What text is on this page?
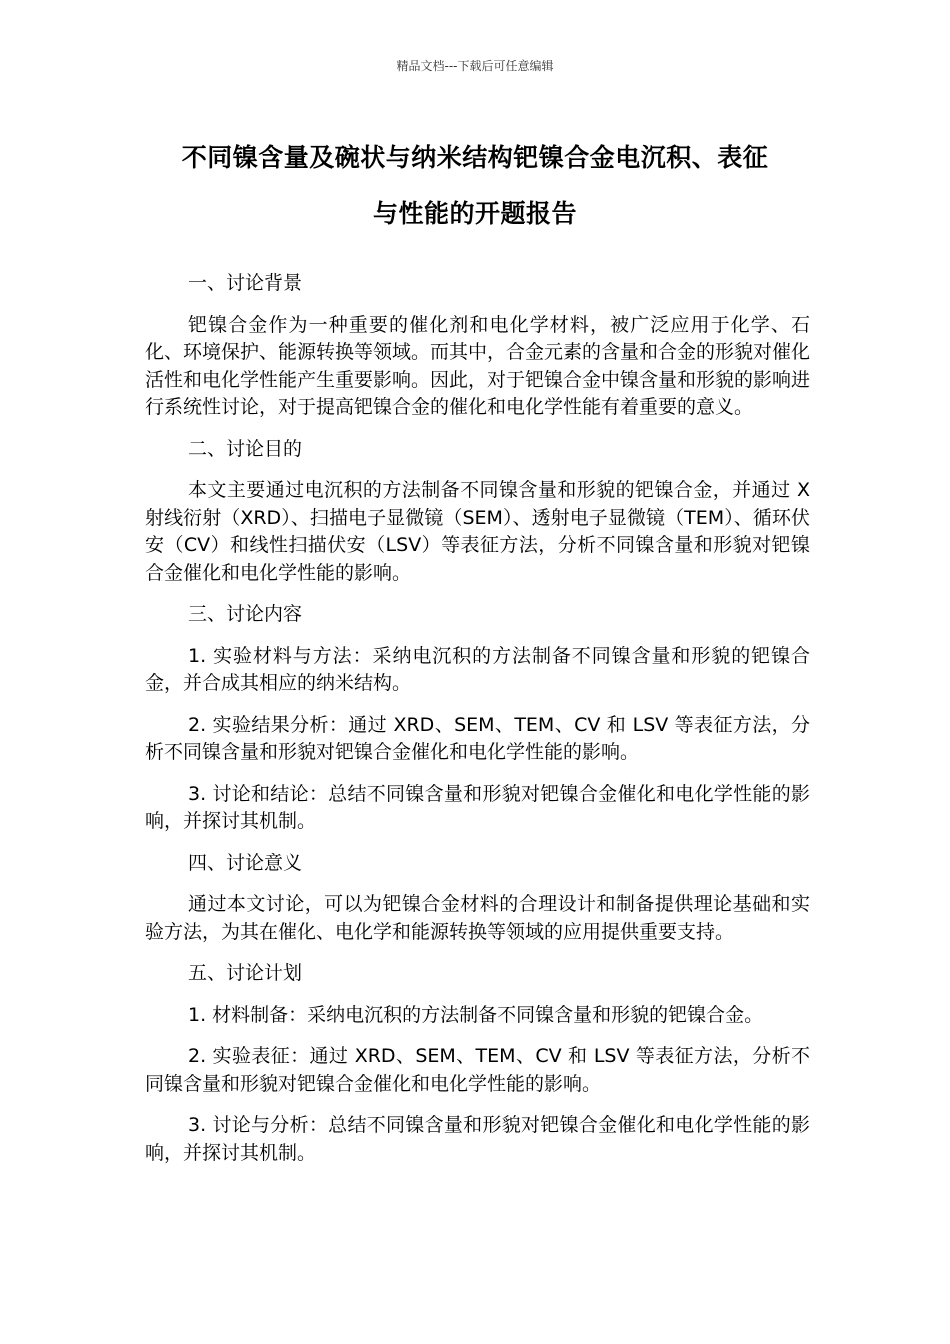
精品文档---下载后可任意编辑
不同镍含量及碗状与纳米结构钯镍合金电沉积、表征
与性能的开题报告

一、讨论背景

钯镍合金作为一种重要的催化剂和电化学材料，被广泛应用于化学、石化、环境保护、能源转换等领域。而其中，合金元素的含量和合金的形貌对催化活性和电化学性能产生重要影响。因此，对于钯镍合金中镍含量和形貌的影响进行系统性讨论，对于提高钯镍合金的催化和电化学性能有着重要的意义。

二、讨论目的

本文主要通过电沉积的方法制备不同镍含量和形貌的钯镍合金，并通过 X 射线衍射（XRD）、扫描电子显微镜（SEM）、透射电子显微镜（TEM）、循环伏安（CV）和线性扫描伏安（LSV）等表征方法，分析不同镍含量和形貌对钯镍合金催化和电化学性能的影响。

三、讨论内容

1. 实验材料与方法：采纳电沉积的方法制备不同镍含量和形貌的钯镍合金，并合成其相应的纳米结构。

2. 实验结果分析：通过 XRD、SEM、TEM、CV 和 LSV 等表征方法，分析不同镍含量和形貌对钯镍合金催化和电化学性能的影响。

3. 讨论和结论：总结不同镍含量和形貌对钯镍合金催化和电化学性能的影响，并探讨其机制。

四、讨论意义

通过本文讨论，可以为钯镍合金材料的合理设计和制备提供理论基础和实验方法，为其在催化、电化学和能源转换等领域的应用提供重要支持。

五、讨论计划

1. 材料制备：采纳电沉积的方法制备不同镍含量和形貌的钯镍合金。

2. 实验表征：通过 XRD、SEM、TEM、CV 和 LSV 等表征方法，分析不同镍含量和形貌对钯镍合金催化和电化学性能的影响。

3. 讨论与分析：总结不同镍含量和形貌对钯镍合金催化和电化学性能的影响，并探讨其机制。
